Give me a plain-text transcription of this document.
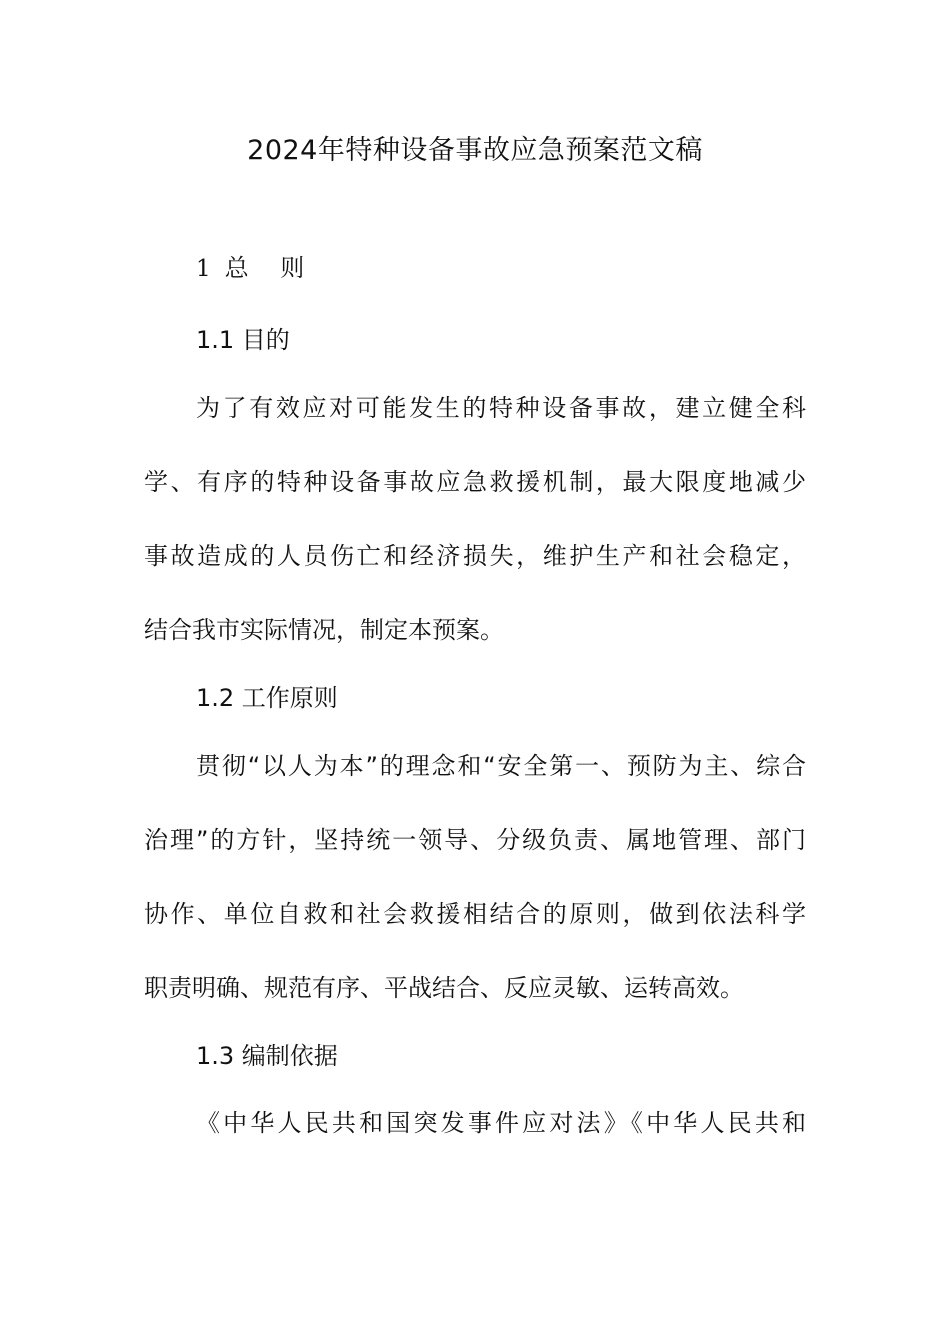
2024年特种设备事故应急预案范文稿
1 总 则
1.1 目的
为了有效应对可能发生的特种设备事故，建立健全科
学、有序的特种设备事故应急救援机制，最大限度地减少
事故造成的人员伤亡和经济损失，维护生产和社会稳定，
结合我市实际情况，制定本预案。
1.2 工作原则
贯彻“以人为本”的理念和“安全第一、预防为主、综合
治理”的方针，坚持统一领导、分级负责、属地管理、部门
协作、单位自救和社会救援相结合的原则，做到依法科学
职责明确、规范有序、平战结合、反应灵敏、运转高效。
1.3 编制依据
《中华人民共和国突发事件应对法》《中华人民共和
